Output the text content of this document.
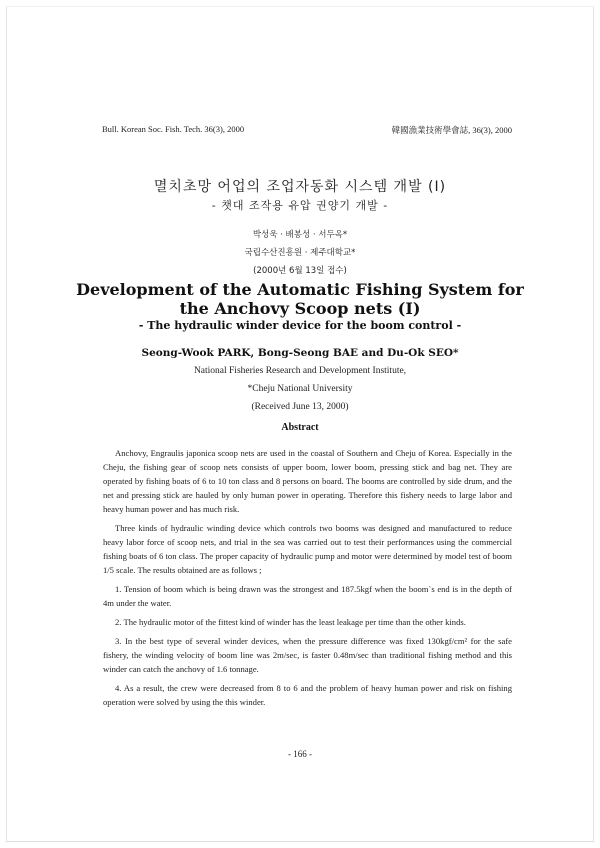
Bull. Korean Soc. Fish. Tech. 36(3), 2000	韓國漁業技術學會誌, 36(3), 2000
멸치초망 어업의 조업자동화 시스템 개발 (Ⅰ)
- 챗대 조작용 유압 권양기 개발 -
박성욱 · 배봉성 · 서두옥*
국립수산진흥원 · 제주대학교*
(2000년 6월 13일 접수)
Development of the Automatic Fishing System for
the Anchovy Scoop nets (Ⅰ)
- The hydraulic winder device for the boom control -
Seong-Wook PARK, Bong-Seong BAE and Du-Ok SEO*
National Fisheries Research and Development Institute,
*Cheju National University
(Received June 13, 2000)
Abstract

Anchovy, Engraulis japonica scoop nets are used in the coastal of Southern and Cheju of Korea. Especially in the Cheju, the fishing gear of scoop nets consists of upper boom, lower boom, pressing stick and bag net. They are operated by fishing boats of 6 to 10 ton class and 8 persons on board. The booms are controlled by side drum, and the net and pressing stick are hauled by only human power in operating. Therefore this fishery needs to large labor and heavy human power and has much risk.

Three kinds of hydraulic winding device which controls two booms was designed and manufactured to reduce heavy labor force of scoop nets, and trial in the sea was carried out to test their performances using the commercial fishing boats of 6 ton class. The proper capacity of hydraulic pump and motor were determined by model test of boom 1/5 scale. The results obtained are as follows ;

1. Tension of boom which is being drawn was the strongest and 187.5kgf when the boom`s end is in the depth of 4m under the water.

2. The hydraulic motor of the fittest kind of winder has the least leakage per time than the other kinds.

3. In the best type of several winder devices, when the pressure difference was fixed 130kgf/cm² for the safe fishery, the winding velocity of boom line was 2m/sec, is faster 0.48m/sec than traditional fishing method and this winder can catch the anchovy of 1.6 tonnage.

4. As a result, the crew were decreased from 8 to 6 and the problem of heavy human power and risk on fishing operation were solved by using the this winder.

- 166 -
